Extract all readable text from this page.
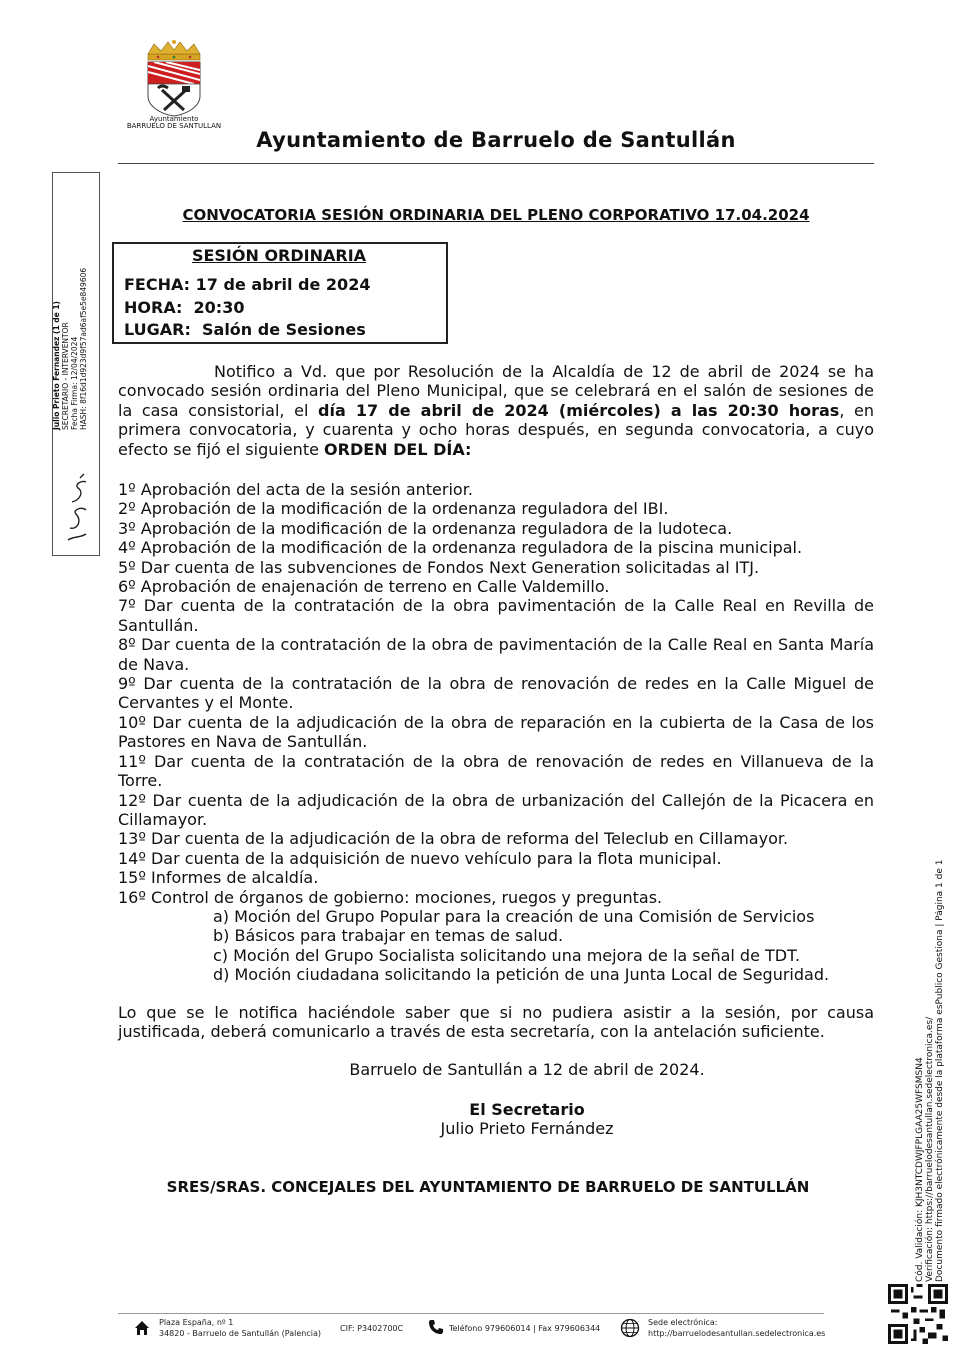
Ayuntamiento
BARRUELO DE SANTULLAN
Ayuntamiento de Barruelo de Santullán
Julio Prieto Fernandez (1 de 1) SECRETARIO - INTERVENTOR Fecha Firma: 12/04/2024 HASH: 8f16d1d923d9f57ad6af5e5e849606
CONVOCATORIA SESIÓN ORDINARIA DEL PLENO CORPORATIVO 17.04.2024
SESIÓN ORDINARIA
FECHA: 17 de abril de 2024
HORA: 20:30
LUGAR: Salón de Sesiones
Notifico a Vd. que por Resolución de la Alcaldía de 12 de abril de 2024 se ha convocado sesión ordinaria del Pleno Municipal, que se celebrará en el salón de sesiones de la casa consistorial, el día 17 de abril de 2024 (miércoles) a las 20:30 horas, en primera convocatoria, y cuarenta y ocho horas después, en segunda convocatoria, a cuyo efecto se fijó el siguiente ORDEN DEL DÍA:
1º Aprobación del acta de la sesión anterior.
2º Aprobación de la modificación de la ordenanza reguladora del IBI.
3º Aprobación de la modificación de la ordenanza reguladora de la ludoteca.
4º Aprobación de la modificación de la ordenanza reguladora de la piscina municipal.
5º Dar cuenta de las subvenciones de Fondos Next Generation solicitadas al ITJ.
6º Aprobación de enajenación de terreno en Calle Valdemillo.
7º Dar cuenta de la contratación de la obra pavimentación de la Calle Real en Revilla de Santullán.
8º Dar cuenta de la contratación de la obra de pavimentación de la Calle Real en Santa María de Nava.
9º Dar cuenta de la contratación de la obra de renovación de redes en la Calle Miguel de Cervantes y el Monte.
10º Dar cuenta de la adjudicación de la obra de reparación en la cubierta de la Casa de los Pastores en Nava de Santullán.
11º Dar cuenta de la contratación de la obra de renovación de redes en Villanueva de la Torre.
12º Dar cuenta de la adjudicación de la obra de urbanización del Callejón de la Picacera en Cillamayor.
13º Dar cuenta de la adjudicación de la obra de reforma del Teleclub en Cillamayor.
14º Dar cuenta de la adquisición de nuevo vehículo para la flota municipal.
15º Informes de alcaldía.
16º Control de órganos de gobierno: mociones, ruegos y preguntas.
a) Moción del Grupo Popular para la creación de una Comisión de Servicios
b) Básicos para trabajar en temas de salud.
c) Moción del Grupo Socialista solicitando una mejora de la señal de TDT.
d) Moción ciudadana solicitando la petición de una Junta Local de Seguridad.
Lo que se le notifica haciéndole saber que si no pudiera asistir a la sesión, por causa justificada, deberá comunicarlo a través de esta secretaría, con la antelación suficiente.
Barruelo de Santullán a 12 de abril de 2024.
El Secretario
Julio Prieto Fernández
SRES/SRAS. CONCEJALES DEL AYUNTAMIENTO DE BARRUELO DE SANTULLÁN	Cód. Validación: KJH3NTCDWJFPLGAA25WFSMSN4 Verificación: https://barruelodesantullan.sedelectronica.es/ Documento firmado electrónicamente desde la plataforma esPublico Gestiona | Página 1 de 1
Plaza España, nº 1
34820 - Barruelo de Santullán (Palencia)
CIF: P3402700C	Teléfono 979606014 | Fax 979606344
Sede electrónica:
http://barruelodesantullan.sedelectronica.es
